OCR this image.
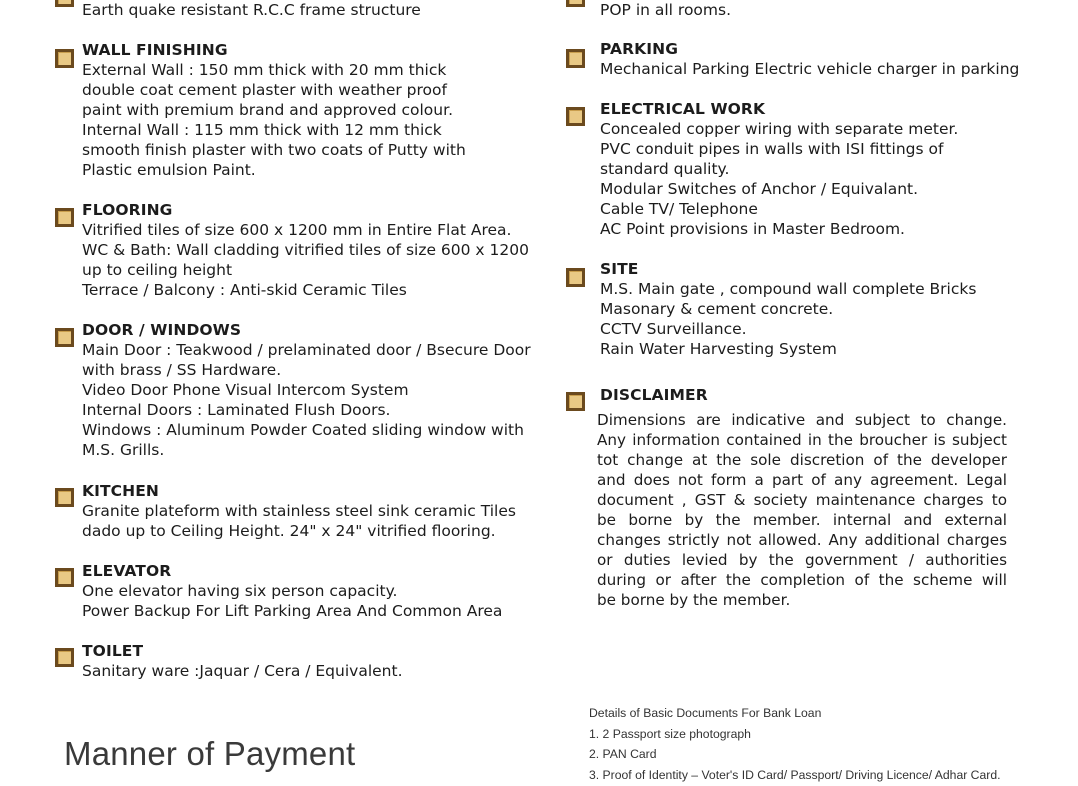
Earth quake resistant R.C.C frame structure
WALL FINISHING
External Wall : 150 mm thick with 20 mm thick
double coat cement plaster with weather proof
paint with premium brand and approved colour.
Internal Wall : 115 mm thick with 12 mm thick
smooth finish plaster with two coats of Putty with
Plastic emulsion Paint.
FLOORING
Vitrified tiles of size 600 x 1200 mm in Entire Flat Area.
WC & Bath: Wall cladding vitrified tiles of size 600 x 1200
up to ceiling height
Terrace / Balcony : Anti-skid Ceramic Tiles
DOOR / WINDOWS
Main Door : Teakwood / prelaminated door / Bsecure Door
with brass / SS Hardware.
Video Door Phone Visual Intercom System
Internal Doors : Laminated Flush Doors.
Windows : Aluminum Powder Coated sliding window with
M.S. Grills.
KITCHEN
Granite plateform with stainless steel sink ceramic Tiles
dado up to Ceiling Height. 24" x 24" vitrified flooring.
ELEVATOR
One elevator having six person capacity.
Power Backup For Lift Parking Area And Common Area
TOILET
Sanitary ware :Jaquar / Cera / Equivalent.
POP in all rooms.
PARKING
Mechanical Parking Electric vehicle charger in parking
ELECTRICAL WORK
Concealed copper wiring with separate meter.
PVC conduit pipes in walls with ISI fittings of
standard quality.
Modular Switches of Anchor / Equivalant.
Cable TV/ Telephone
AC Point provisions in Master Bedroom.
SITE
M.S. Main gate , compound wall complete Bricks
Masonary & cement concrete.
CCTV Surveillance.
Rain Water Harvesting System
DISCLAIMER
Dimensions are indicative and subject to change.
Any information contained in the broucher is subject
tot change at the sole discretion of the developer
and does not form a part of any agreement. Legal
document , GST & society maintenance charges to
be borne by the member. internal and external
changes strictly not allowed. Any additional charges
or duties levied by the government / authorities
during or after the completion of the scheme will
be borne by the member.
Manner of Payment
Details of Basic Documents For Bank Loan
1. 2 Passport size photograph
2. PAN Card
3. Proof of Identity – Voter's ID Card/ Passport/ Driving Licence/ Adhar Card.
